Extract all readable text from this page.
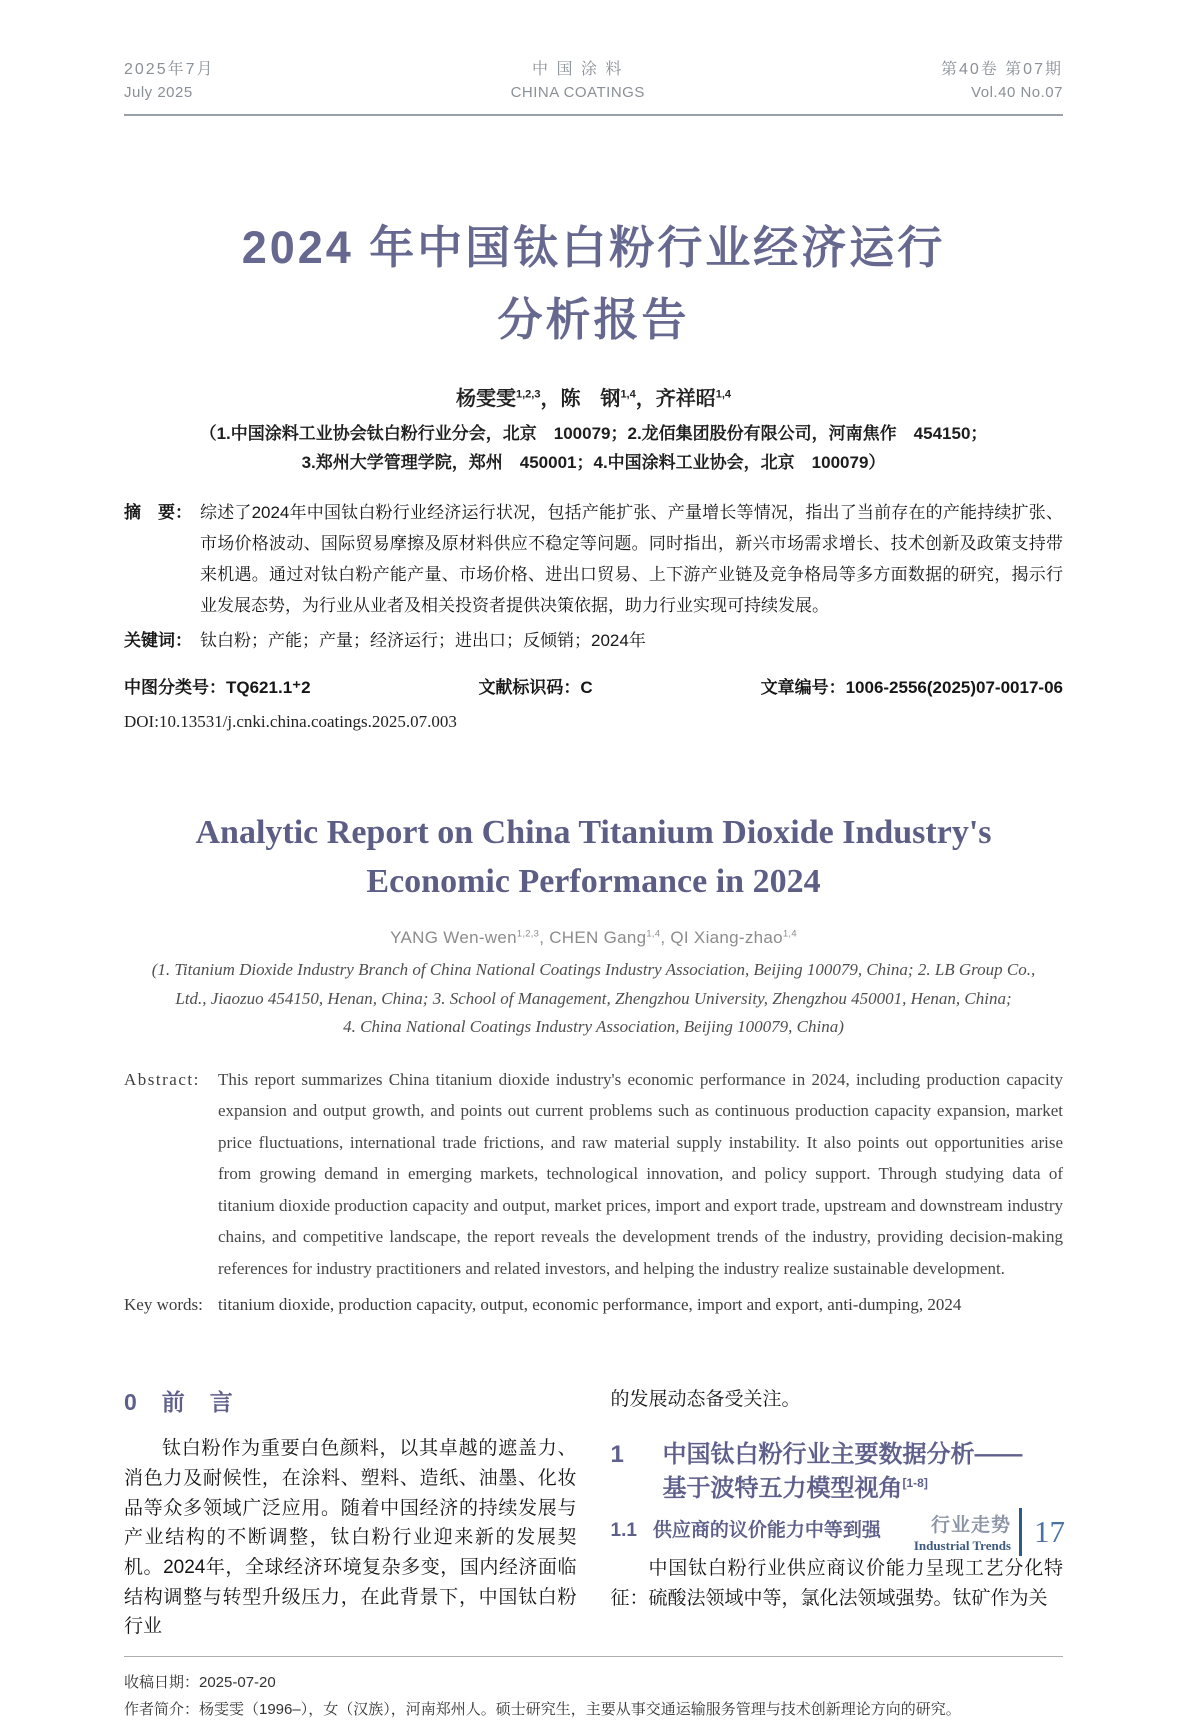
2025年7月
July 2025
中 国 涂 料
CHINA COATINGS
第40卷 第07期
Vol.40 No.07
2024 年中国钛白粉行业经济运行
分析报告
杨雯雯$^{1,2,3}$，陈　钢$^{1,4}$，齐祥昭$^{1,4}$
（1.中国涂料工业协会钛白粉行业分会，北京　100079；2.龙佰集团股份有限公司，河南焦作　454150；
3.郑州大学管理学院，郑州　450001；4.中国涂料工业协会，北京　100079）
摘　要： 综述了2024年中国钛白粉行业经济运行状况，包括产能扩张、产量增长等情况，指出了当前存在的产能持续扩张、市场价格波动、国际贸易摩擦及原材料供应不稳定等问题。同时指出，新兴市场需求增长、技术创新及政策支持带来机遇。通过对钛白粉产能产量、市场价格、进出口贸易、上下游产业链及竞争格局等多方面数据的研究，揭示行业发展态势，为行业从业者及相关投资者提供决策依据，助力行业实现可持续发展。
关键词： 钛白粉；产能；产量；经济运行；进出口；反倾销；2024年
中图分类号：TQ621.1⁺2	文献标识码：C	文章编号：1006-2556(2025)07-0017-06
DOI:10.13531/j.cnki.china.coatings.2025.07.003
Analytic Report on China Titanium Dioxide Industry's
Economic Performance in 2024
YANG Wen-wen$^{1,2,3}$, CHEN Gang$^{1,4}$, QI Xiang-zhao$^{1,4}$
(1. Titanium Dioxide Industry Branch of China National Coatings Industry Association, Beijing 100079, China; 2. LB Group Co.,
Ltd., Jiaozuo 454150, Henan, China; 3. School of Management, Zhengzhou University, Zhengzhou 450001, Henan, China;
4. China National Coatings Industry Association, Beijing 100079, China)
Abstract: This report summarizes China titanium dioxide industry's economic performance in 2024, including production capacity expansion and output growth, and points out current problems such as continuous production capacity expansion, market price fluctuations, international trade frictions, and raw material supply instability. It also points out opportunities arise from growing demand in emerging markets, technological innovation, and policy support. Through studying data of titanium dioxide production capacity and output, market prices, import and export trade, upstream and downstream industry chains, and competitive landscape, the report reveals the development trends of the industry, providing decision-making references for industry practitioners and related investors, and helping the industry realize sustainable development.
Key words: titanium dioxide, production capacity, output, economic performance, import and export, anti-dumping, 2024
0　前　言
钛白粉作为重要白色颜料，以其卓越的遮盖力、消色力及耐候性，在涂料、塑料、造纸、油墨、化妆品等众多领域广泛应用。随着中国经济的持续发展与产业结构的不断调整，钛白粉行业迎来新的发展契机。2024年，全球经济环境复杂多变，国内经济面临结构调整与转型升级压力，在此背景下，中国钛白粉行业
的发展动态备受关注。
1	中国钛白粉行业主要数据分析——
基于波特五力模型视角[1-8]
1.1 供应商的议价能力中等到强
中国钛白粉行业供应商议价能力呈现工艺分化特征：硫酸法领域中等，氯化法领域强势。钛矿作为关
收稿日期：2025-07-20
作者简介：杨雯雯（1996–），女（汉族），河南郑州人。硕士研究生，主要从事交通运输服务管理与技术创新理论方向的研究。
行业走势
Industrial Trends 17
